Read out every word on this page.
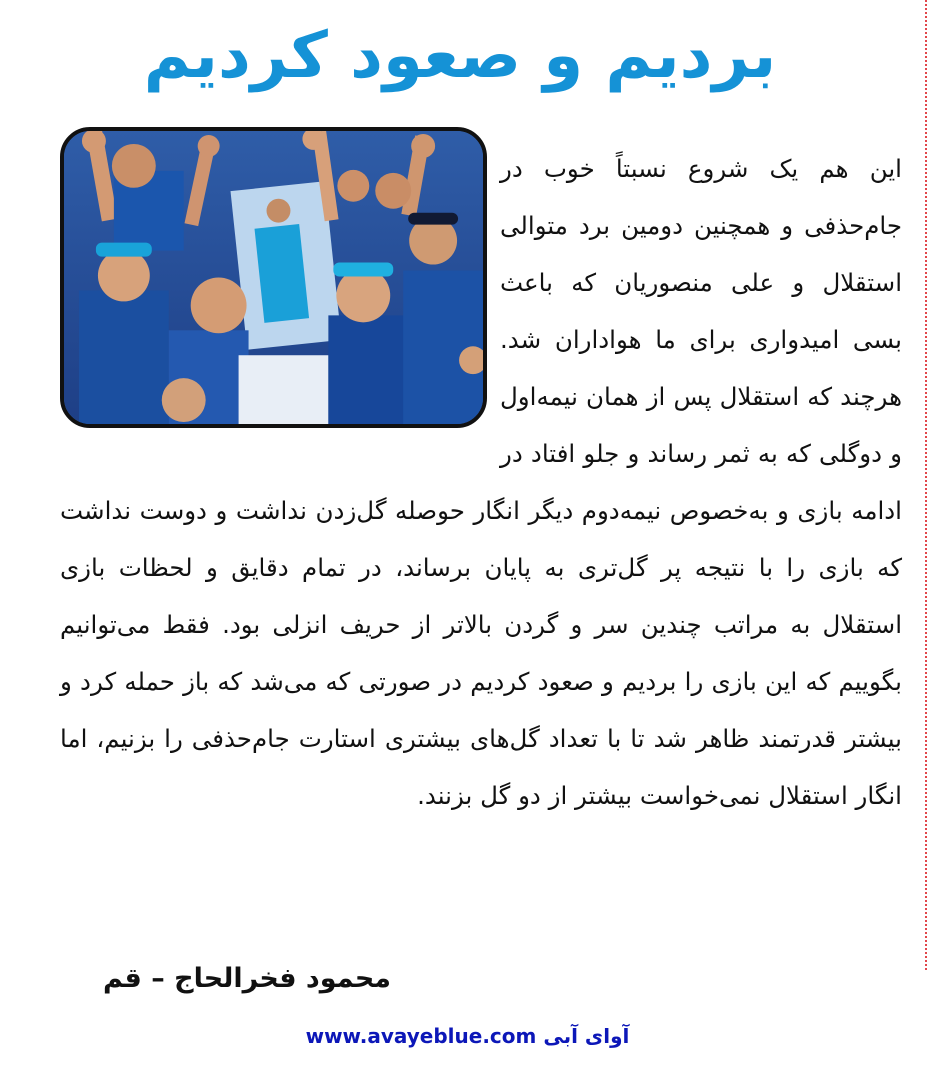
بردیم و صعود کردیم

این هم یک شروع نسبتاً خوب در جام‌حذفی و همچنین دومین برد متوالی استقلال و علی منصوریان که باعث بسی امیدواری برای ما هواداران شد. هرچند که استقلال پس از همان نیمه‌اول و دوگلی که به ثمر رساند و جلو افتاد در ادامه بازی و به‌خصوص نیمه‌دوم دیگر انگار حوصله گل‌زدن نداشت و دوست نداشت که بازی را با نتیجه پر گل‌تری به پایان برساند، در تمام دقایق و لحظات بازی استقلال به مراتب چندین سر و گردن بالاتر از حریف انزلی بود. فقط می‌توانیم بگوییم که این بازی را بردیم و صعود کردیم در صورتی که می‌شد که باز حمله کرد و بیشتر قدرتمند ظاهر شد تا با تعداد گل‌های بیشتری استارت جام‌حذفی را بزنیم، اما انگار استقلال نمی‌خواست بیشتر از دو گل بزنند.

محمود فخرالحاج – قم
www.avayeblue.com آوای آبی
